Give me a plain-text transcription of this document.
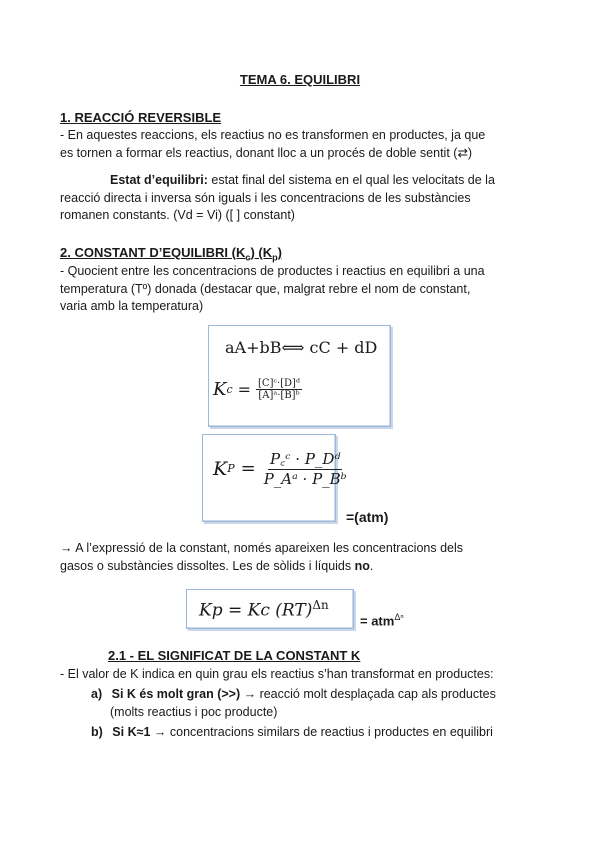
TEMA 6. EQUILIBRI
1. REACCIÓ REVERSIBLE
- En aquestes reaccions, els reactius no es transformen en productes, ja que
es tornen a formar els reactius, donant lloc a un procés de doble sentit (⇄)
Estat d’equilibri: estat final del sistema en el qual les velocitats de la
reacció directa i inversa són iguals i les concentracions de les substàncies
romanen constants. (Vd = Vi) ([ ] constant)
2. CONSTANT D’EQUILIBRI $(K_c)$ $(K_p)$
- Quocient entre les concentracions de productes i reactius en equilibri a una
temperatura (Tº) donada (destacar que, malgrat rebre el nom de constant,
varia amb la temperatura)
aA+bB⟺ cC + dD
K $c = \frac{\text{[C]ᶜ·[D]ᵈ}}{\text{[A]ᵃ·[B]ᵇ}}$
K $P = \frac{\text{P꜀ᶜ · P\_Dᵈ}}{\text{P\_Aᵃ · P\_Bᵇ}}$
=(atm)
→ A l’expressió de la constant, només apareixen les concentracions dels
gasos o substàncies dissoltes. Les de sòlids i líquids no.
Kp = Kc (RT)$^{\Delta n}$
= atm$^{\Delta^n}$
2.1 - EL SIGNIFICAT DE LA CONSTANT K
- El valor de K indica en quin grau els reactius s’han transformat en productes:
a) Si K és molt gran (>>) → reacció molt desplaçada cap als productes
(molts reactius i poc producte)
b) Si K≈1 → concentracions similars de reactius i productes en equilibri
